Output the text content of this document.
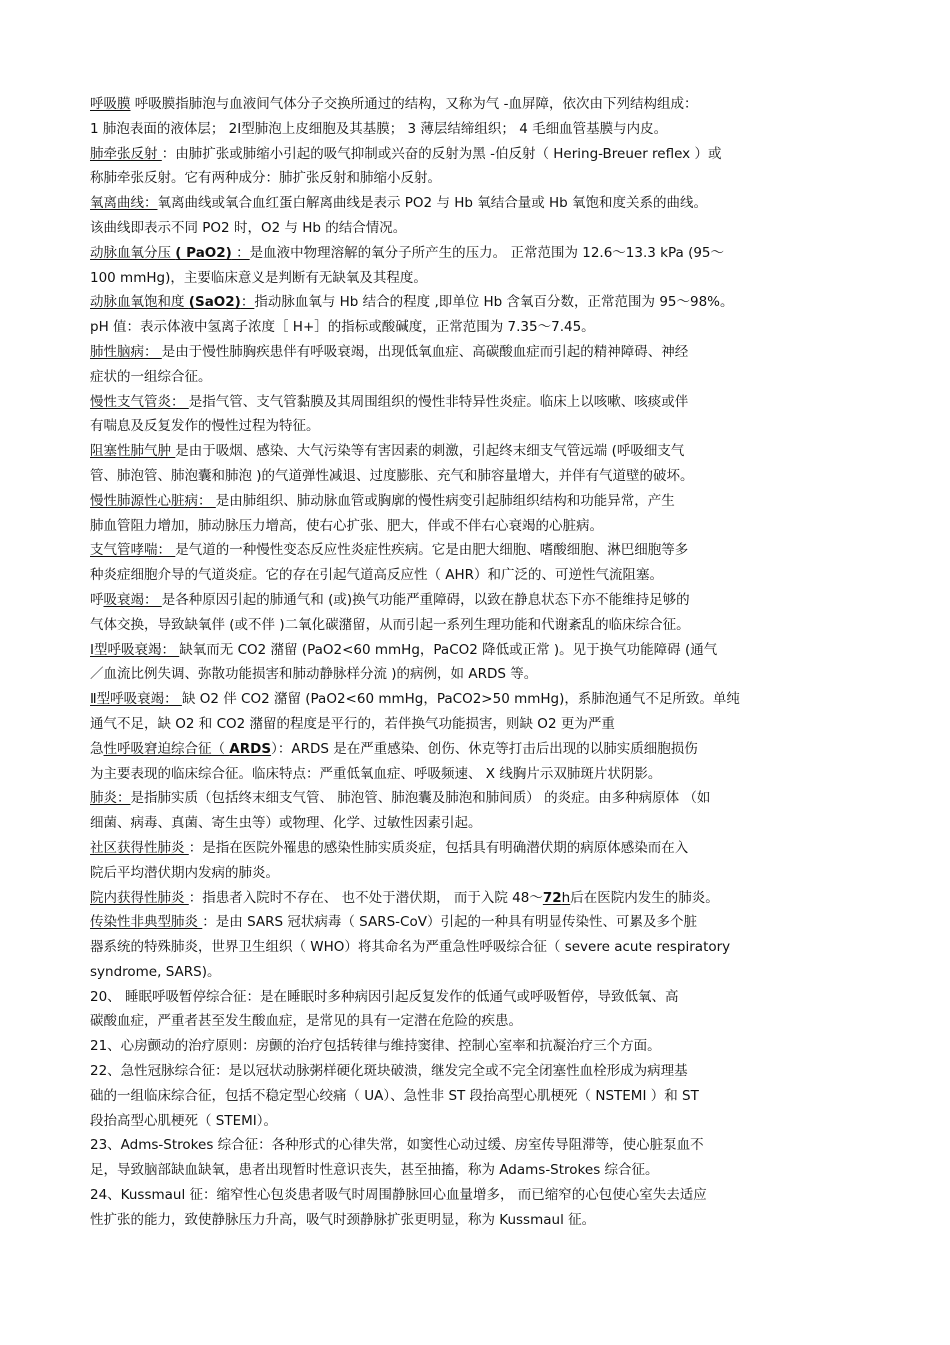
呼吸膜 呼吸膜指肺泡与血液间气体分子交换所通过的结构，又称为气 -血屏障，依次由下列结构组成：
1 肺泡表面的液体层； 2Ⅰ型肺泡上皮细胞及其基膜； 3 薄层结缔组织； 4 毛细血管基膜与内皮。
肺牵张反射 ：由肺扩张或肺缩小引起的吸气抑制或兴奋的反射为黑 -伯反射（ Hering-Breuer reflex ）或
称肺牵张反射。它有两种成分：肺扩张反射和肺缩小反射。
氧离曲线：氧离曲线或氧合血红蛋白解离曲线是表示 PO2 与 Hb 氧结合量或 Hb 氧饱和度关系的曲线。
该曲线即表示不同 PO2 时，O2 与 Hb 的结合情况。
动脉血氧分压 ( PaO2) ：是血液中物理溶解的氧分子所产生的压力。 正常范围为 12.6～13.3 kPa (95～
100 mmHg)，主要临床意义是判断有无缺氧及其程度。
动脉血氧饱和度 (SaO2)：指动脉血氧与 Hb 结合的程度 ,即单位 Hb 含氧百分数，正常范围为 95～98%。
pH 值：表示体液中氢离子浓度［ H+］的指标或酸碱度，正常范围为 7.35～7.45。
肺性脑病： 是由于慢性肺胸疾患伴有呼吸衰竭，出现低氧血症、高碳酸血症而引起的精神障碍、神经
症状的一组综合征。
慢性支气管炎： 是指气管、支气管黏膜及其周围组织的慢性非特异性炎症。临床上以咳嗽、咳痰或伴
有喘息及反复发作的慢性过程为特征。
阻塞性肺气肿 是由于吸烟、感染、大气污染等有害因素的刺激，引起终末细支气管远端 (呼吸细支气
管、肺泡管、肺泡囊和肺泡 )的气道弹性减退、过度膨胀、充气和肺容量增大，并伴有气道壁的破坏。
慢性肺源性心脏病： 是由肺组织、肺动脉血管或胸廓的慢性病变引起肺组织结构和功能异常，产生
肺血管阻力增加，肺动脉压力增高，使右心扩张、肥大，伴或不伴右心衰竭的心脏病。
支气管哮喘： 是气道的一种慢性变态反应性炎症性疾病。它是由肥大细胞、嗜酸细胞、淋巴细胞等多
种炎症细胞介导的气道炎症。它的存在引起气道高反应性（ AHR）和广泛的、可逆性气流阻塞。
呼吸衰竭： 是各种原因引起的肺通气和 (或)换气功能严重障碍，以致在静息状态下亦不能维持足够的
气体交换，导致缺氧伴 (或不伴 )二氧化碳潴留，从而引起一系列生理功能和代谢紊乱的临床综合征。
Ⅰ型呼吸衰竭： 缺氧而无 CO2 潴留 (PaO2<60 mmHg，PaCO2 降低或正常 )。见于换气功能障碍 (通气
／血流比例失调、弥散功能损害和肺动静脉样分流 )的病例，如 ARDS 等。
Ⅱ型呼吸衰竭： 缺 O2 伴 CO2 潴留 (PaO2<60 mmHg，PaCO2>50 mmHg)，系肺泡通气不足所致。单纯
通气不足，缺 O2 和 CO2 潴留的程度是平行的，若伴换气功能损害，则缺 O2 更为严重
急性呼吸窘迫综合征（ ARDS）：ARDS 是在严重感染、创伤、休克等打击后出现的以肺实质细胞损伤
为主要表现的临床综合征。临床特点：严重低氧血症、呼吸频速、 X 线胸片示双肺斑片状阴影。
肺炎：是指肺实质（包括终末细支气管、 肺泡管、肺泡囊及肺泡和肺间质） 的炎症。由多种病原体 （如
细菌、病毒、真菌、寄生虫等）或物理、化学、过敏性因素引起。
社区获得性肺炎 ：是指在医院外罹患的感染性肺实质炎症，包括具有明确潜伏期的病原体感染而在入
院后平均潜伏期内发病的肺炎。
院内获得性肺炎 ：指患者入院时不存在、 也不处于潜伏期， 而于入院 48～72h后在医院内发生的肺炎。
传染性非典型肺炎 ：是由 SARS 冠状病毒（ SARS-CoV）引起的一种具有明显传染性、可累及多个脏
器系统的特殊肺炎，世界卫生组织（ WHO）将其命名为严重急性呼吸综合征（ severe acute respiratory
syndrome, SARS)。
20、 睡眠呼吸暂停综合征：是在睡眠时多种病因引起反复发作的低通气或呼吸暂停，导致低氧、高
碳酸血症，严重者甚至发生酸血症，是常见的具有一定潜在危险的疾患。
21、心房颤动的治疗原则：房颤的治疗包括转律与维持窦律、控制心室率和抗凝治疗三个方面。
22、急性冠脉综合征：是以冠状动脉粥样硬化斑块破溃，继发完全或不完全闭塞性血栓形成为病理基
础的一组临床综合征，包括不稳定型心绞痛（ UA）、急性非 ST 段抬高型心肌梗死（ NSTEMI ）和 ST
段抬高型心肌梗死（ STEMI）。
23、Adms-Strokes 综合征：各种形式的心律失常，如窦性心动过缓、房室传导阻滞等，使心脏泵血不
足，导致脑部缺血缺氧，患者出现暂时性意识丧失，甚至抽搐，称为 Adams-Strokes 综合征。
24、Kussmaul 征：缩窄性心包炎患者吸气时周围静脉回心血量增多， 而已缩窄的心包使心室失去适应
性扩张的能力，致使静脉压力升高，吸气时颈静脉扩张更明显，称为 Kussmaul 征。
